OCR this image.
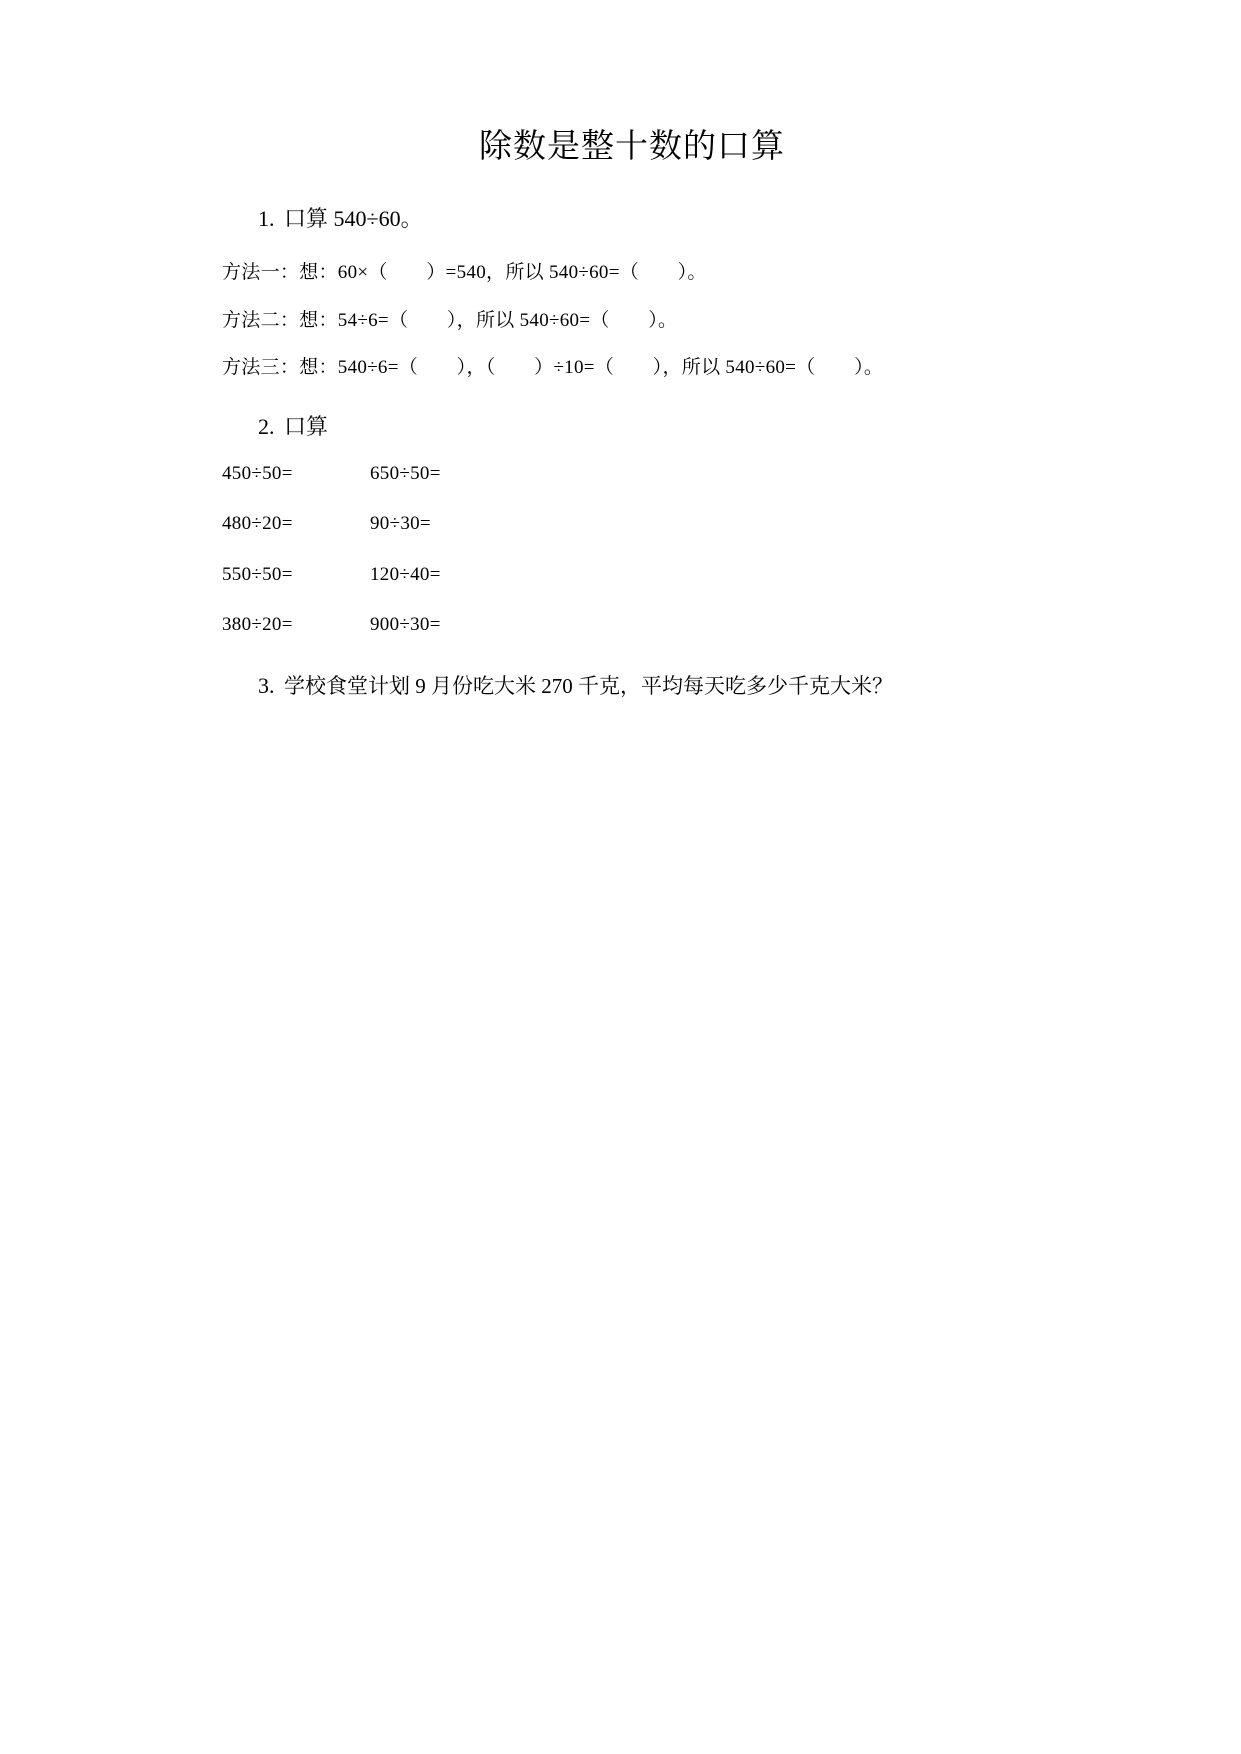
除数是整十数的口算
1. 口算 540÷60。
方法一：想：60×（　　）=540，所以 540÷60=（　　）。
方法二：想：54÷6=（　　），所以 540÷60=（　　）。
方法三：想：540÷6=（　　），（　　）÷10=（　　），所以 540÷60=（　　）。
2. 口算
450÷50=	650÷50=
480÷20=	90÷30=
550÷50=	120÷40=
380÷20=	900÷30=
3. 学校食堂计划 9 月份吃大米 270 千克，平均每天吃多少千克大米？
